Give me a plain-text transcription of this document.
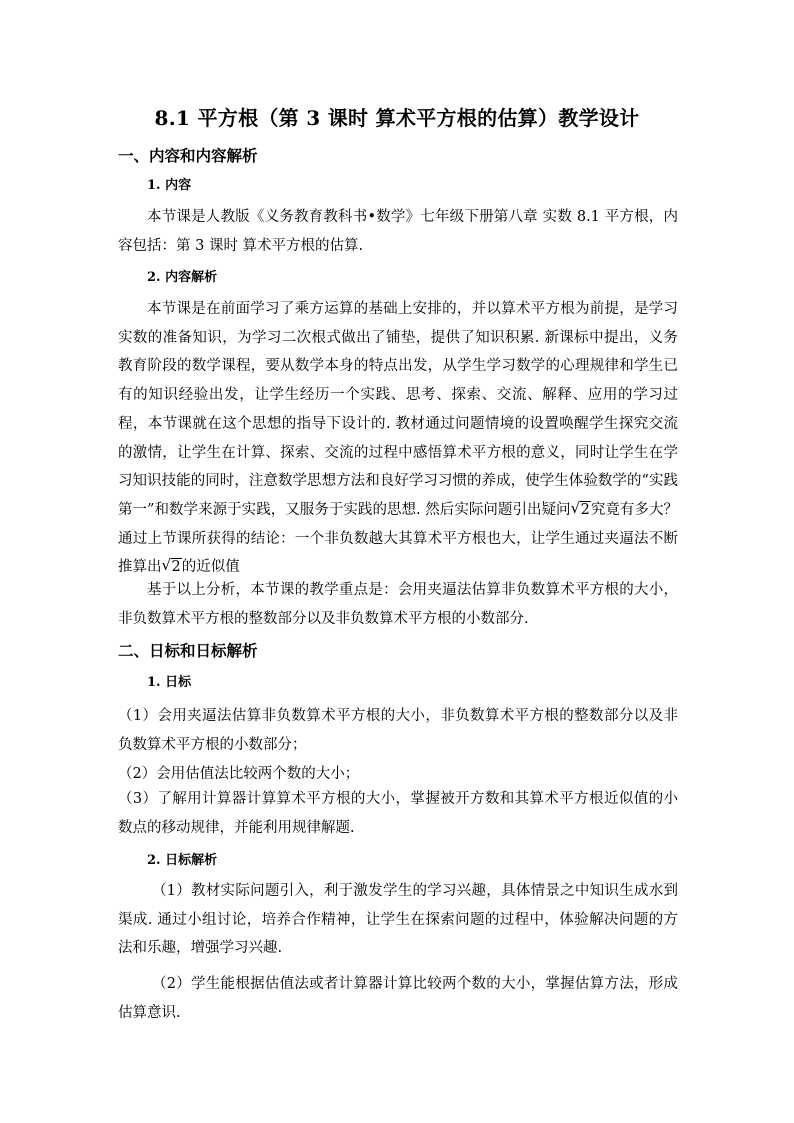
8.1 平方根（第 3 课时 算术平方根的估算）教学设计
一、内容和内容解析
1. 内容
本节课是人教版《义务教育教科书•数学》七年级下册第八章 实数 8.1 平方根，内容包括：第 3 课时 算术平方根的估算.
2. 内容解析
本节课是在前面学习了乘方运算的基础上安排的，并以算术平方根为前提，是学习实数的准备知识，为学习二次根式做出了铺垫，提供了知识积累. 新课标中提出，义务教育阶段的数学课程，要从数学本身的特点出发，从学生学习数学的心理规律和学生已有的知识经验出发，让学生经历一个实践、思考、探索、交流、解释、应用的学习过程，本节课就在这个思想的指导下设计的. 教材通过问题情境的设置唤醒学生探究交流的激情，让学生在计算、探索、交流的过程中感悟算术平方根的意义，同时让学生在学习知识技能的同时，注意数学思想方法和良好学习习惯的养成，使学生体验数学的“实践第一”和数学来源于实践，又服务于实践的思想. 然后实际问题引出疑问 √ 2究竟有多大？通过上节课所获得的结论：一个非负数越大其算术平方根也大，让学生通过夹逼法不断推算出 √ 2的近似值
基于以上分析，本节课的教学重点是：会用夹逼法估算非负数算术平方根的大小，非负数算术平方根的整数部分以及非负数算术平方根的小数部分.
二、日标和日标解析
1. 日标
（1）会用夹逼法估算非负数算术平方根的大小，非负数算术平方根的整数部分以及非负数算术平方根的小数部分；
（2）会用估值法比较两个数的大小；
（3）了解用计算器计算算术平方根的大小，掌握被开方数和其算术平方根近似值的小数点的移动规律，并能利用规律解题.
2. 日标解析
（1）教材实际问题引入，利于激发学生的学习兴趣，具体情景之中知识生成水到渠成. 通过小组讨论，培养合作精神，让学生在探索问题的过程中，体验解决问题的方法和乐趣，增强学习兴趣.
（2）学生能根据估值法或者计算器计算比较两个数的大小，掌握估算方法，形成估算意识.
